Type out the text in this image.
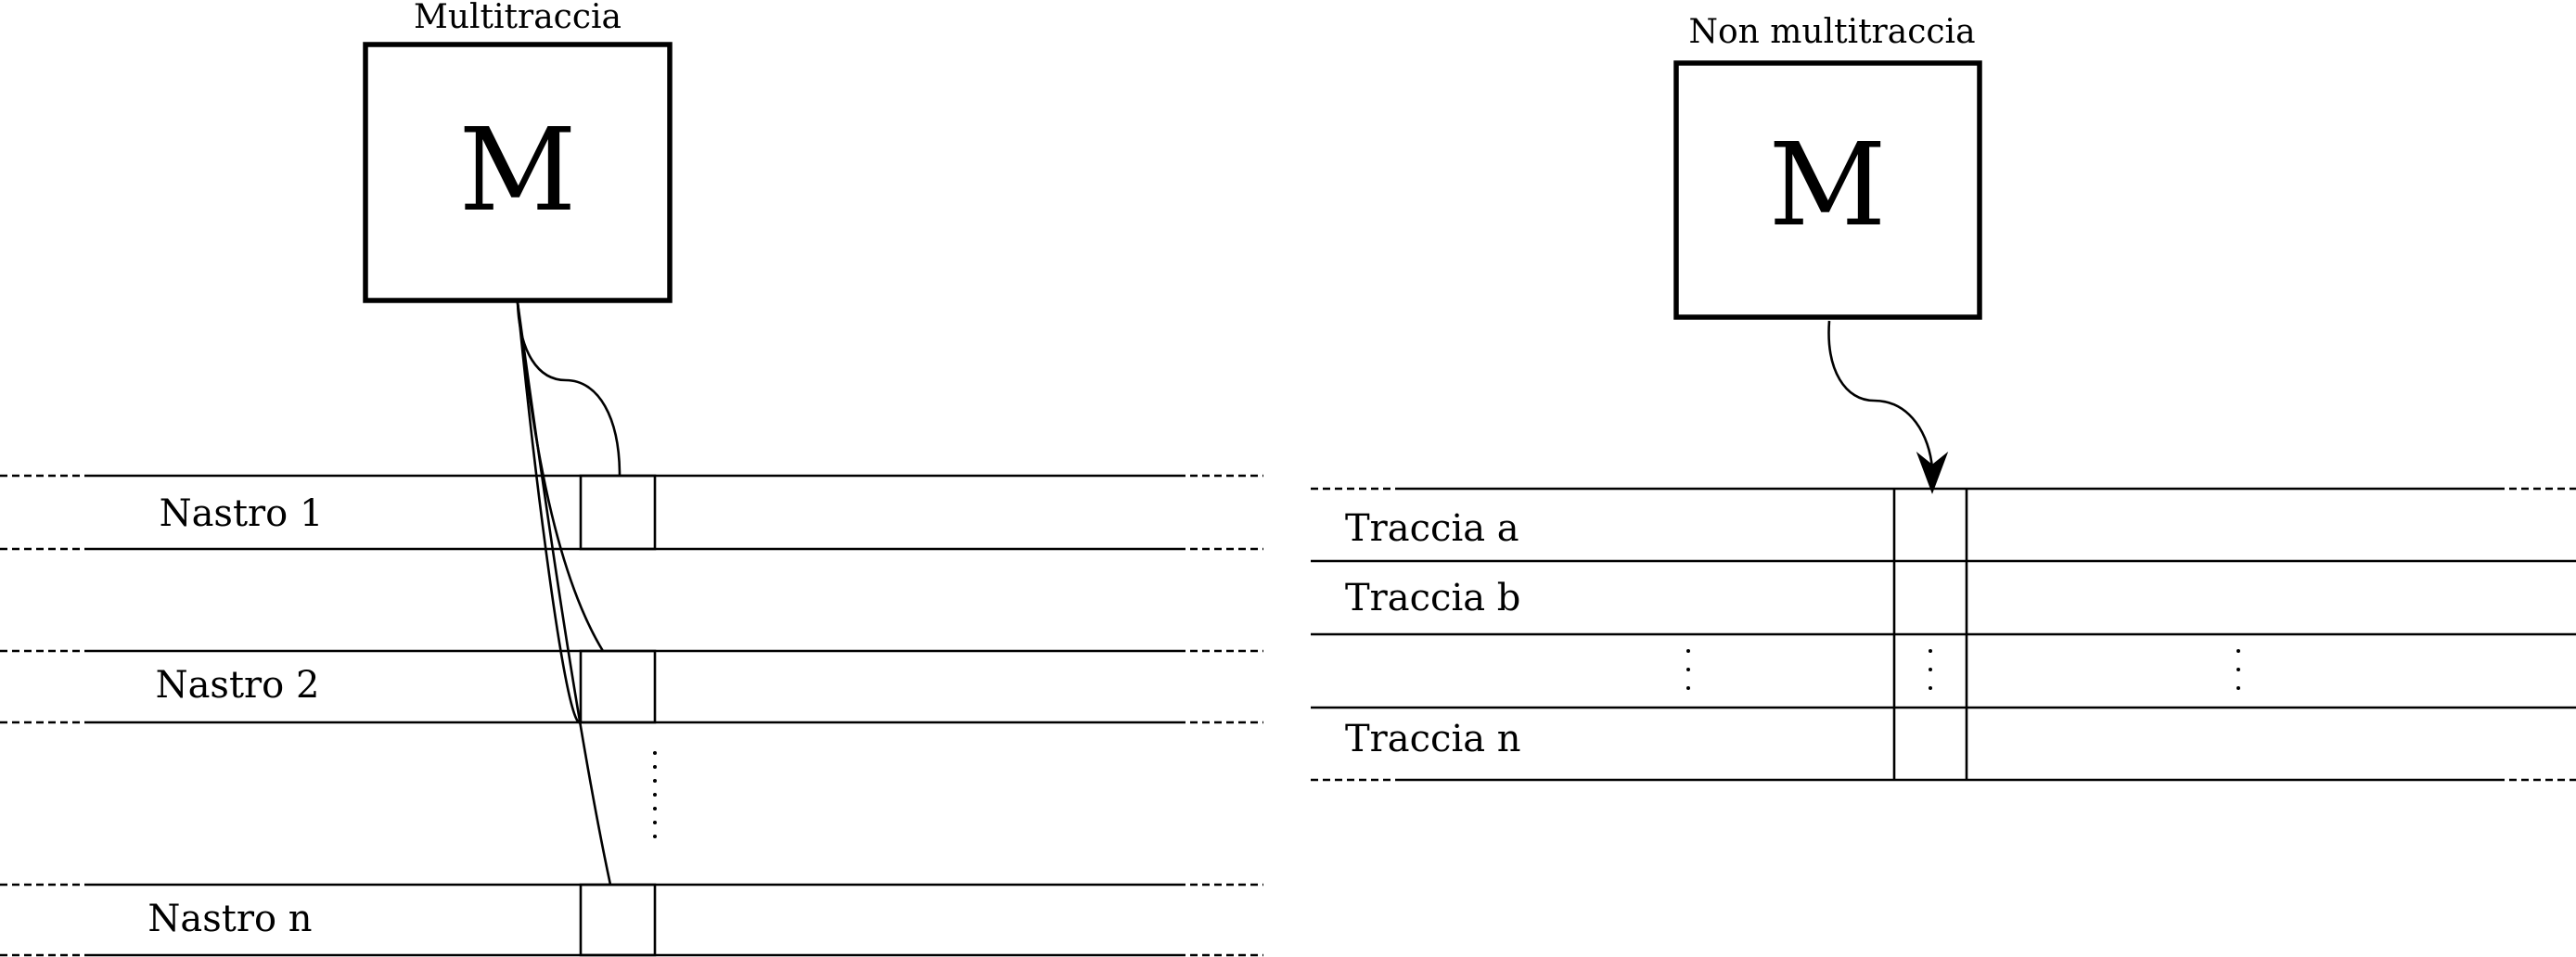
Multitraccia
M
Nastro 1
Nastro 2
Nastro n
Non multitraccia
M
Traccia a
Traccia b
Traccia n
